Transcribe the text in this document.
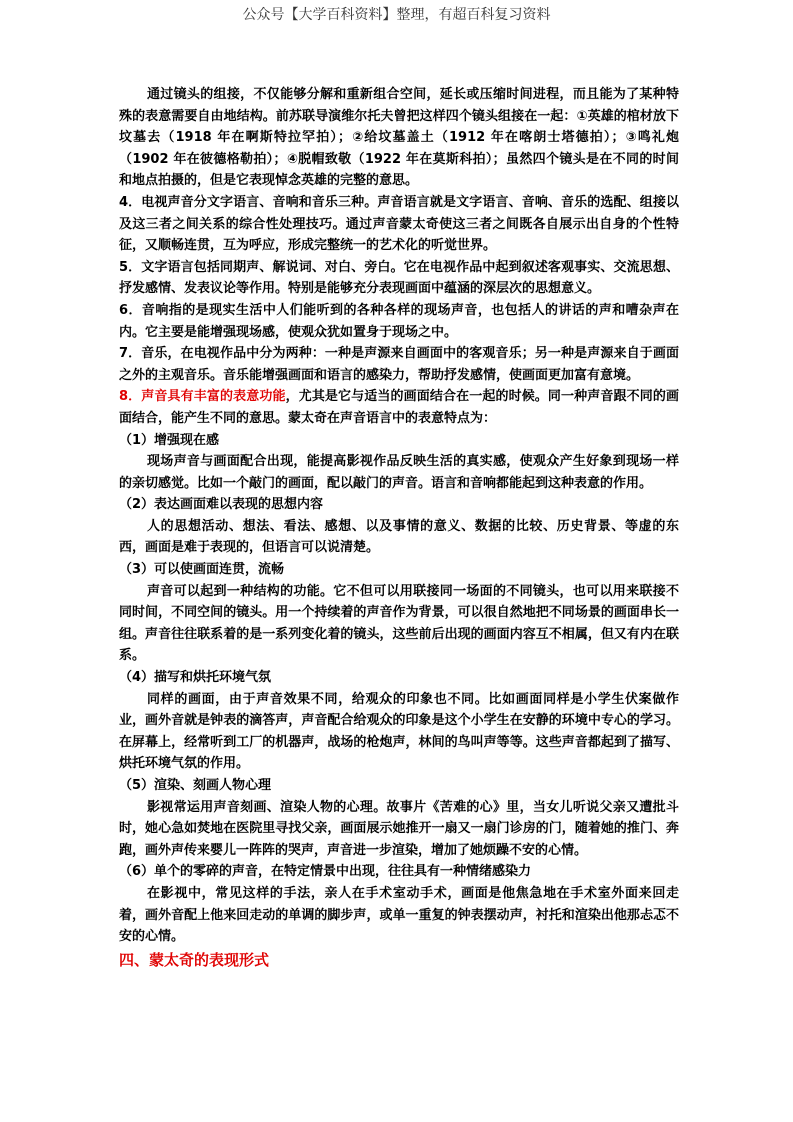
公众号【大学百科资料】整理，有超百科复习资料

通过镜头的组接，不仅能够分解和重新组合空间，延长或压缩时间进程，而且能为了某种特殊的表意需要自由地结构。前苏联导演维尔托夫曾把这样四个镜头组接在一起：①英雄的棺材放下坟墓去（1918 年在啊斯特拉罕拍）；②给坟墓盖土（1912 年在喀朗士塔德拍）；③鸣礼炮（1902 年在彼德格勒拍）；④脱帽致敬（1922 年在莫斯科拍）；虽然四个镜头是在不同的时间和地点拍摄的，但是它表现悼念英雄的完整的意思。

4．电视声音分文字语言、音响和音乐三种。声音语言就是文字语言、音响、音乐的选配、组接以及这三者之间关系的综合性处理技巧。通过声音蒙太奇使这三者之间既各自展示出自身的个性特征，又顺畅连贯，互为呼应，形成完整统一的艺术化的听觉世界。

5．文字语言包括同期声、解说词、对白、旁白。它在电视作品中起到叙述客观事实、交流思想、抒发感情、发表议论等作用。特别是能够充分表现画面中蕴涵的深层次的思想意义。

6．音响指的是现实生活中人们能听到的各种各样的现场声音，也包括人的讲话的声和嘈杂声在内。它主要是能增强现场感，使观众犹如置身于现场之中。

7．音乐，在电视作品中分为两种：一种是声源来自画面中的客观音乐；另一种是声源来自于画面之外的主观音乐。音乐能增强画面和语言的感染力，帮助抒发感情，使画面更加富有意境。

8．声音具有丰富的表意功能，尤其是它与适当的画面结合在一起的时候。同一种声音跟不同的画面结合，能产生不同的意思。蒙太奇在声音语言中的表意特点为：

（1）增强现在感

现场声音与画面配合出现，能提高影视作品反映生活的真实感，使观众产生好象到现场一样的亲切感觉。比如一个敲门的画面，配以敲门的声音。语言和音响都能起到这种表意的作用。

（2）表达画面难以表现的思想内容

人的思想活动、想法、看法、感想、以及事情的意义、数据的比较、历史背景、等虚的东西，画面是难于表现的，但语言可以说清楚。

（3）可以使画面连贯，流畅

声音可以起到一种结构的功能。它不但可以用联接同一场面的不同镜头，也可以用来联接不同时间，不同空间的镜头。用一个持续着的声音作为背景，可以很自然地把不同场景的画面串长一组。声音往往联系着的是一系列变化着的镜头，这些前后出现的画面内容互不相属，但又有内在联系。

（4）描写和烘托环境气氛

同样的画面，由于声音效果不同，给观众的印象也不同。比如画面同样是小学生伏案做作业，画外音就是钟表的滴答声，声音配合给观众的印象是这个小学生在安静的环境中专心的学习。在屏幕上，经常听到工厂的机器声，战场的枪炮声，林间的鸟叫声等等。这些声音都起到了描写、烘托环境气氛的作用。

（5）渲染、刻画人物心理

影视常运用声音刻画、渲染人物的心理。故事片《苦难的心》里，当女儿听说父亲又遭批斗时，她心急如焚地在医院里寻找父亲，画面展示她推开一扇又一扇门诊房的门，随着她的推门、奔跑，画外声传来婴儿一阵阵的哭声，声音进一步渲染，增加了她烦躁不安的心情。

（6）单个的零碎的声音，在特定情景中出现，往往具有一种情绪感染力

在影视中，常见这样的手法，亲人在手术室动手术，画面是他焦急地在手术室外面来回走着，画外音配上他来回走动的单调的脚步声，或单一重复的钟表摆动声，衬托和渲染出他那忐忑不安的心情。

四、蒙太奇的表现形式
